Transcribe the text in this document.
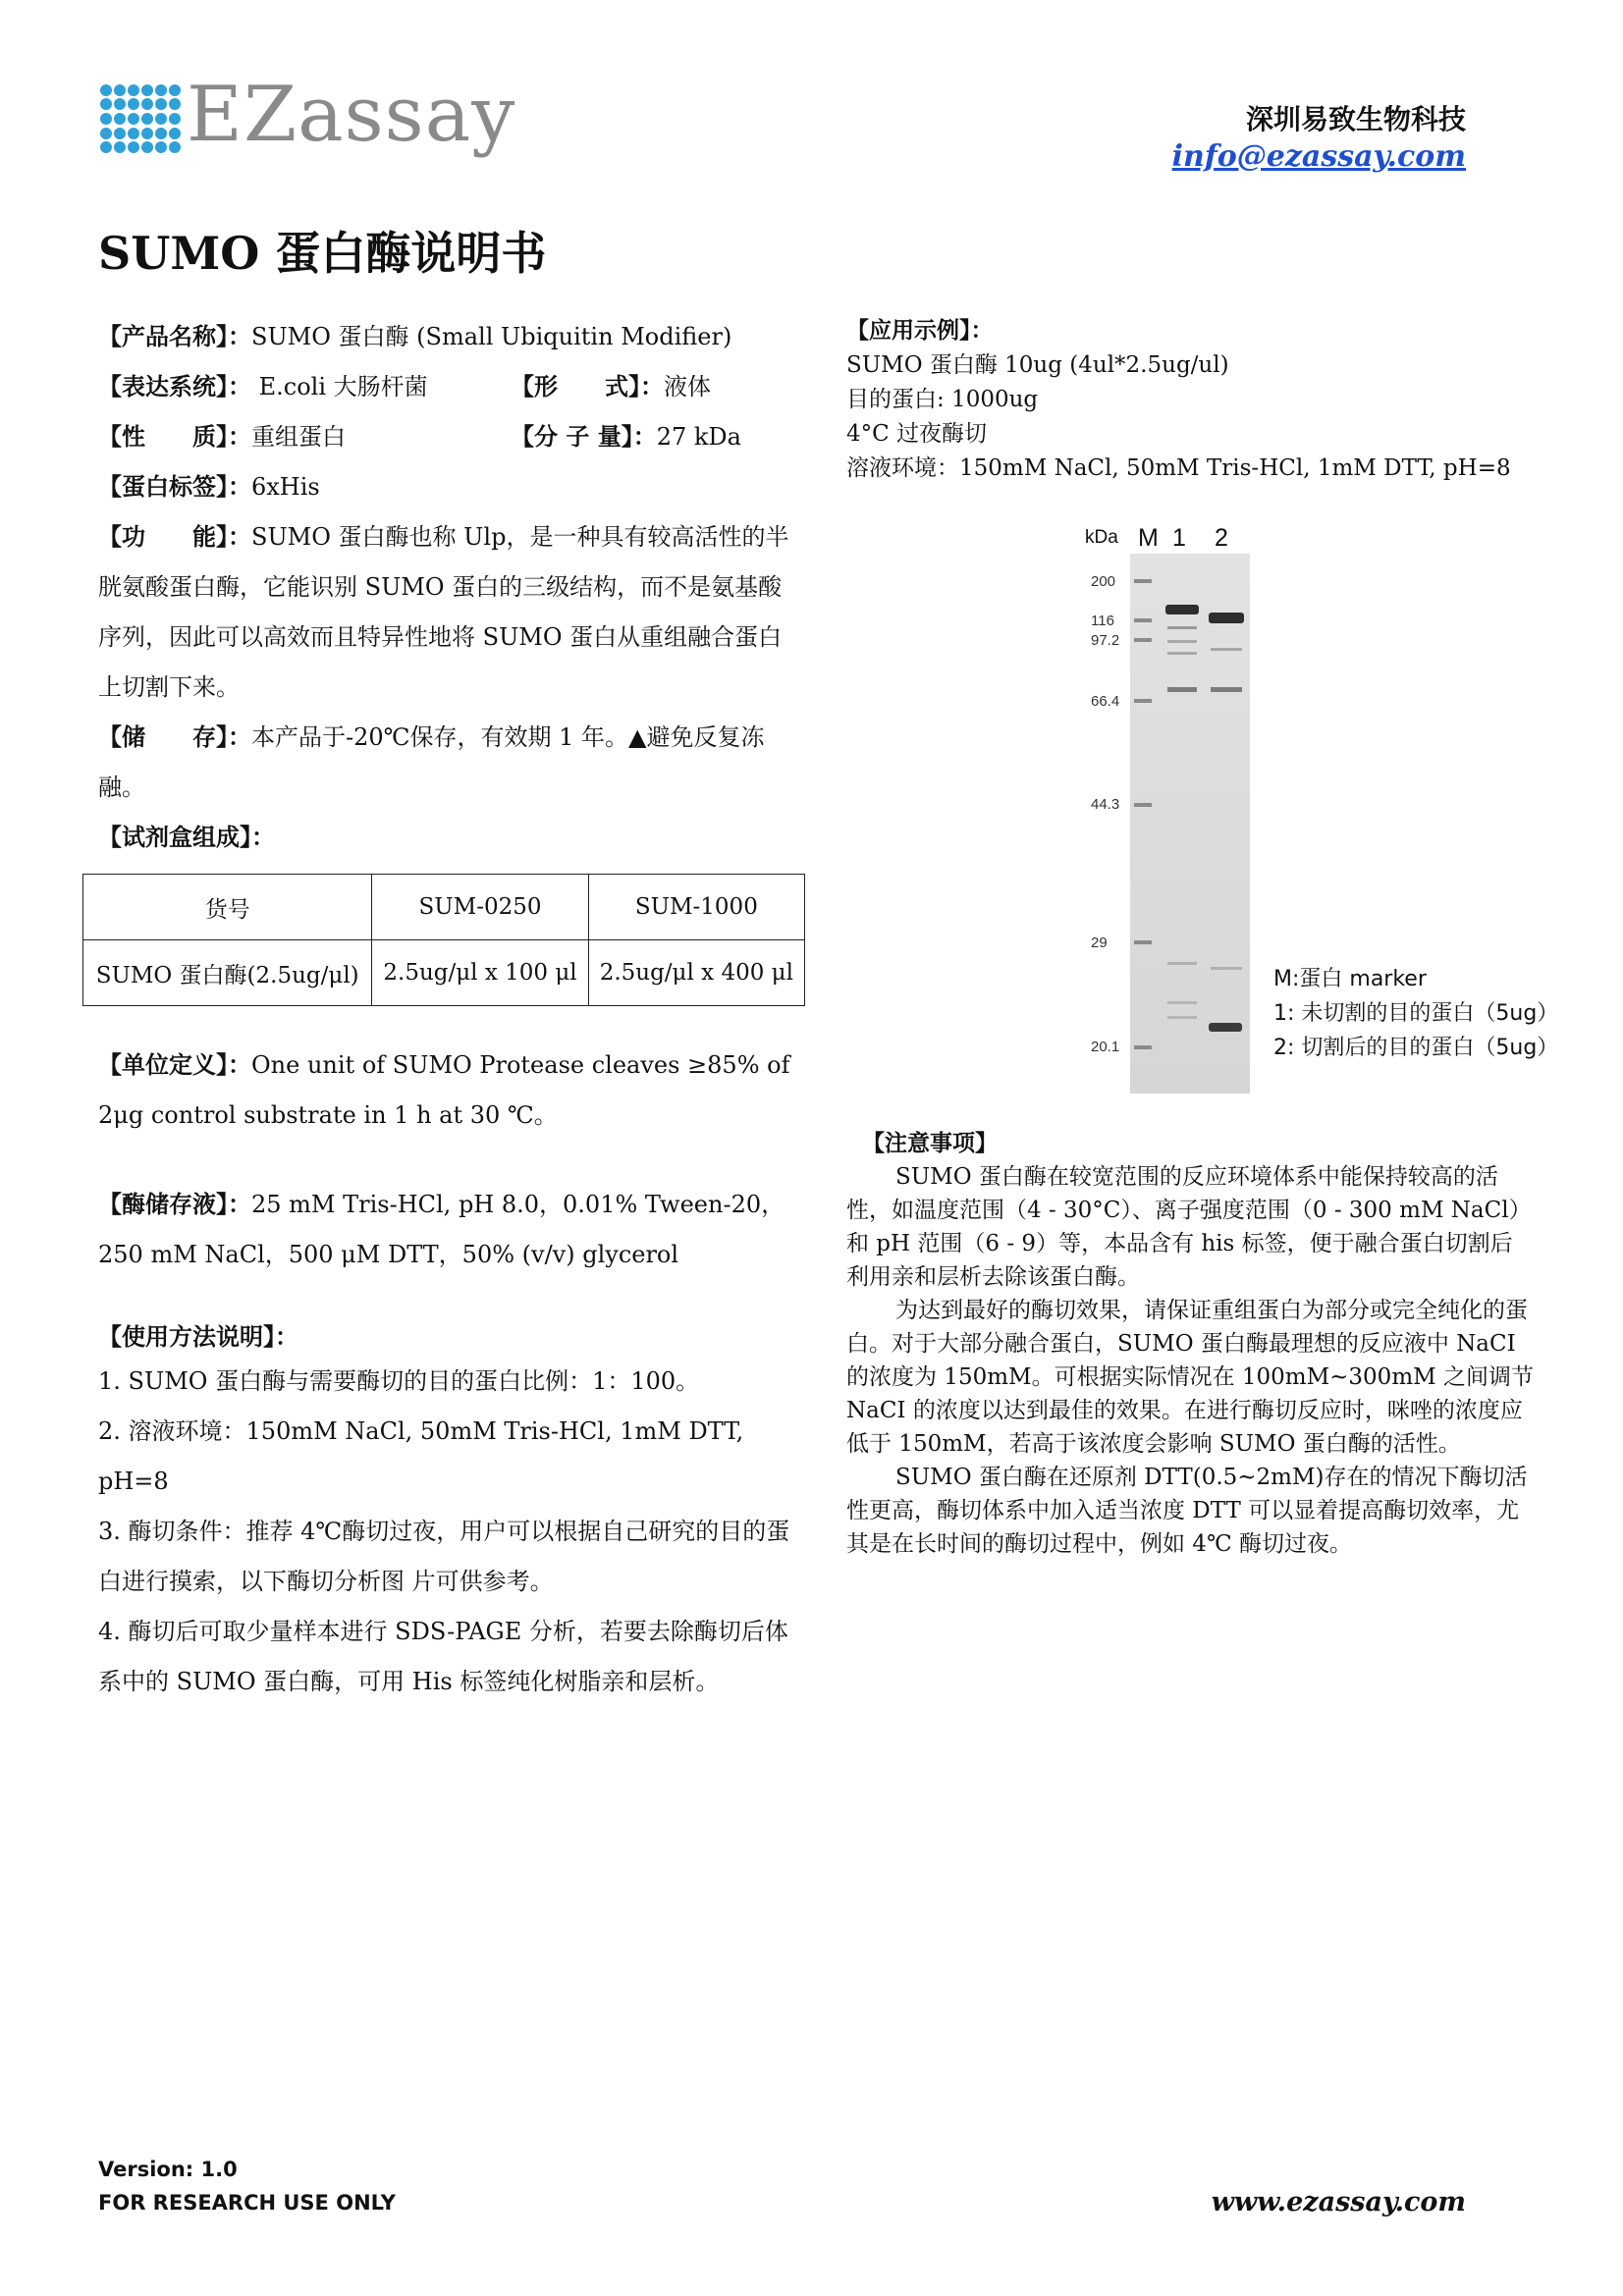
EZassay	深圳易致生物科技
info@ezassay.com
SUMO 蛋白酶说明书
【产品名称】：SUMO 蛋白酶 (Small Ubiquitin Modifier)
【表达系统】： E.coli 大肠杆菌	【形　　式】：液体
【性　　质】：重组蛋白	【分 子 量】：27 kDa
【蛋白标签】：6xHis

【功　　能】：SUMO 蛋白酶也称 Ulp，是一种具有较高活性的半胱氨酸蛋白酶，它能识别 SUMO 蛋白的三级结构，而不是氨基酸序列，因此可以高效而且特异性地将 SUMO 蛋白从重组融合蛋白上切割下来。

【储　　存】：本产品于-20℃保存，有效期 1 年。▲避免反复冻融。

【试剂盒组成】：
货号	SUM-0250	SUM-1000
SUMO 蛋白酶(2.5ug/μl)	2.5ug/μl x 100 μl	2.5ug/μl x 400 μl

【单位定义】：One unit of SUMO Protease cleaves ≥85% of 2μg control substrate in 1 h at 30 ℃。

【酶储存液】：25 mM Tris-HCl, pH 8.0，0.01% Tween-20，250 mM NaCl，500 μM DTT，50% (v/v) glycerol

【使用方法说明】：

1. SUMO 蛋白酶与需要酶切的目的蛋白比例：1：100。

2. 溶液环境：150mM NaCl, 50mM Tris-HCl, 1mM DTT, pH=8

3. 酶切条件：推荐 4℃酶切过夜，用户可以根据自己研究的目的蛋白进行摸索，以下酶切分析图 片可供参考。

4. 酶切后可取少量样本进行 SDS-PAGE 分析，若要去除酶切后体系中的 SUMO 蛋白酶，可用 His 标签纯化树脂亲和层析。

【应用示例】：
SUMO 蛋白酶 10ug (4ul*2.5ug/ul)
目的蛋白: 1000ug
4°C 过夜酶切
溶液环境：150mM NaCl, 50mM Tris-HCl, 1mM DTT, pH=8
kDa M 1 2
200
116
97.2
66.4
44.3
29
20.1
M:蛋白 marker
1: 未切割的目的蛋白（5ug）
2: 切割后的目的蛋白（5ug）
【注意事项】

SUMO 蛋白酶在较宽范围的反应环境体系中能保持较高的活性，如温度范围（4 - 30°C）、离子强度范围（0 - 300 mM NaCl）和 pH 范围（6 - 9）等，本品含有 his 标签，便于融合蛋白切割后利用亲和层析去除该蛋白酶。

为达到最好的酶切效果，请保证重组蛋白为部分或完全纯化的蛋白。对于大部分融合蛋白，SUMO 蛋白酶最理想的反应液中 NaCI 的浓度为 150mM。可根据实际情况在 100mM~300mM 之间调节 NaCI 的浓度以达到最佳的效果。在进行酶切反应时，咪唑的浓度应低于 150mM，若高于该浓度会影响 SUMO 蛋白酶的活性。

SUMO 蛋白酶在还原剂 DTT(0.5~2mM)存在的情况下酶切活性更高，酶切体系中加入适当浓度 DTT 可以显着提高酶切效率，尤其是在长时间的酶切过程中，例如 4℃ 酶切过夜。

Version: 1.0
FOR RESEARCH USE ONLY	www.ezassay.com
